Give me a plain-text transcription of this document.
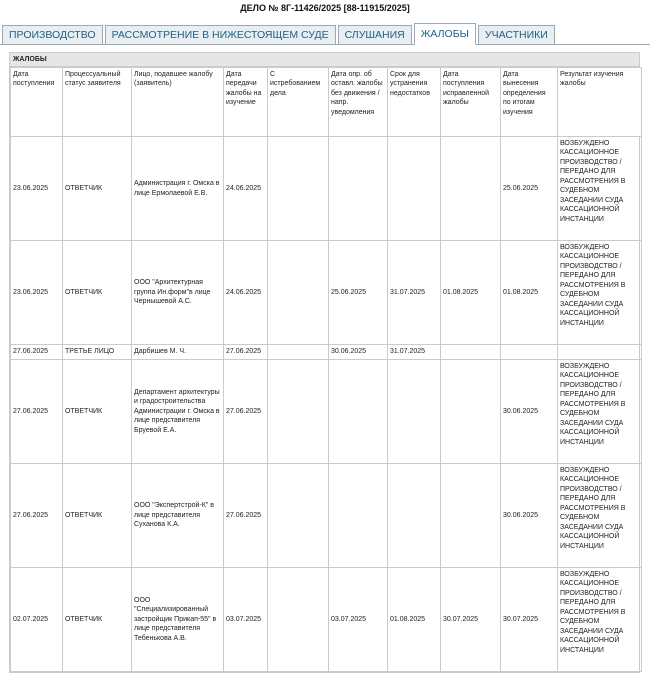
ДЕЛО № 8Г-11426/2025 [88-11915/2025]
ПРОИЗВОДСТВО	РАССМОТРЕНИЕ В НИЖЕСТОЯЩЕМ СУДЕ	СЛУШАНИЯ	ЖАЛОБЫ	УЧАСТНИКИ
ЖАЛОБЫ
Дата поступления	Процессуальный статус заявителя	Лицо, подавшее жалобу (заявитель)	Дата передачи жалобы на изучение	С истребованием дела	Дата опр. об оставл. жалобы без движения / напр. уведомления	Срок для устранения недостатков	Дата поступления исправленной жалобы	Дата вынесения определения по итогам изучения	Результат изучения жалобы
23.06.2025	ОТВЕТЧИК	Администрация г. Омска в лице Ермолаевой Е.В.	24.06.2025					25.06.2025	ВОЗБУЖДЕНО КАССАЦИОННОЕ ПРОИЗВОДСТВО / ПЕРЕДАНО ДЛЯ РАССМОТРЕНИЯ В СУДЕБНОМ ЗАСЕДАНИИ СУДА КАССАЦИОННОЙ ИНСТАНЦИИ
23.06.2025	ОТВЕТЧИК	ООО "Архитектурная группа Ин.форм"в лице Чернышевой А.С.	24.06.2025		25.06.2025	31.07.2025	01.08.2025	01.08.2025	ВОЗБУЖДЕНО КАССАЦИОННОЕ ПРОИЗВОДСТВО / ПЕРЕДАНО ДЛЯ РАССМОТРЕНИЯ В СУДЕБНОМ ЗАСЕДАНИИ СУДА КАССАЦИОННОЙ ИНСТАНЦИИ
27.06.2025	ТРЕТЬЕ ЛИЦО	Дарбишев М. Ч.	27.06.2025		30.06.2025	31.07.2025			
27.06.2025	ОТВЕТЧИК	Департамент архитектуры и градостроительства Администрации г. Омска в лице представителя Бруевой Е.А.	27.06.2025					30.06.2025	ВОЗБУЖДЕНО КАССАЦИОННОЕ ПРОИЗВОДСТВО / ПЕРЕДАНО ДЛЯ РАССМОТРЕНИЯ В СУДЕБНОМ ЗАСЕДАНИИ СУДА КАССАЦИОННОЙ ИНСТАНЦИИ
27.06.2025	ОТВЕТЧИК	ООО "Экспертстрой-К" в лице представителя Суханова К.А.	27.06.2025					30.06.2025	ВОЗБУЖДЕНО КАССАЦИОННОЕ ПРОИЗВОДСТВО / ПЕРЕДАНО ДЛЯ РАССМОТРЕНИЯ В СУДЕБНОМ ЗАСЕДАНИИ СУДА КАССАЦИОННОЙ ИНСТАНЦИИ
02.07.2025	ОТВЕТЧИК	ООО "Специализированный застройщик Прикап-55" в лице представителя Тебенькова А.В.	03.07.2025		03.07.2025	01.08.2025	30.07.2025	30.07.2025	ВОЗБУЖДЕНО КАССАЦИОННОЕ ПРОИЗВОДСТВО / ПЕРЕДАНО ДЛЯ РАССМОТРЕНИЯ В СУДЕБНОМ ЗАСЕДАНИИ СУДА КАССАЦИОННОЙ ИНСТАНЦИИ
